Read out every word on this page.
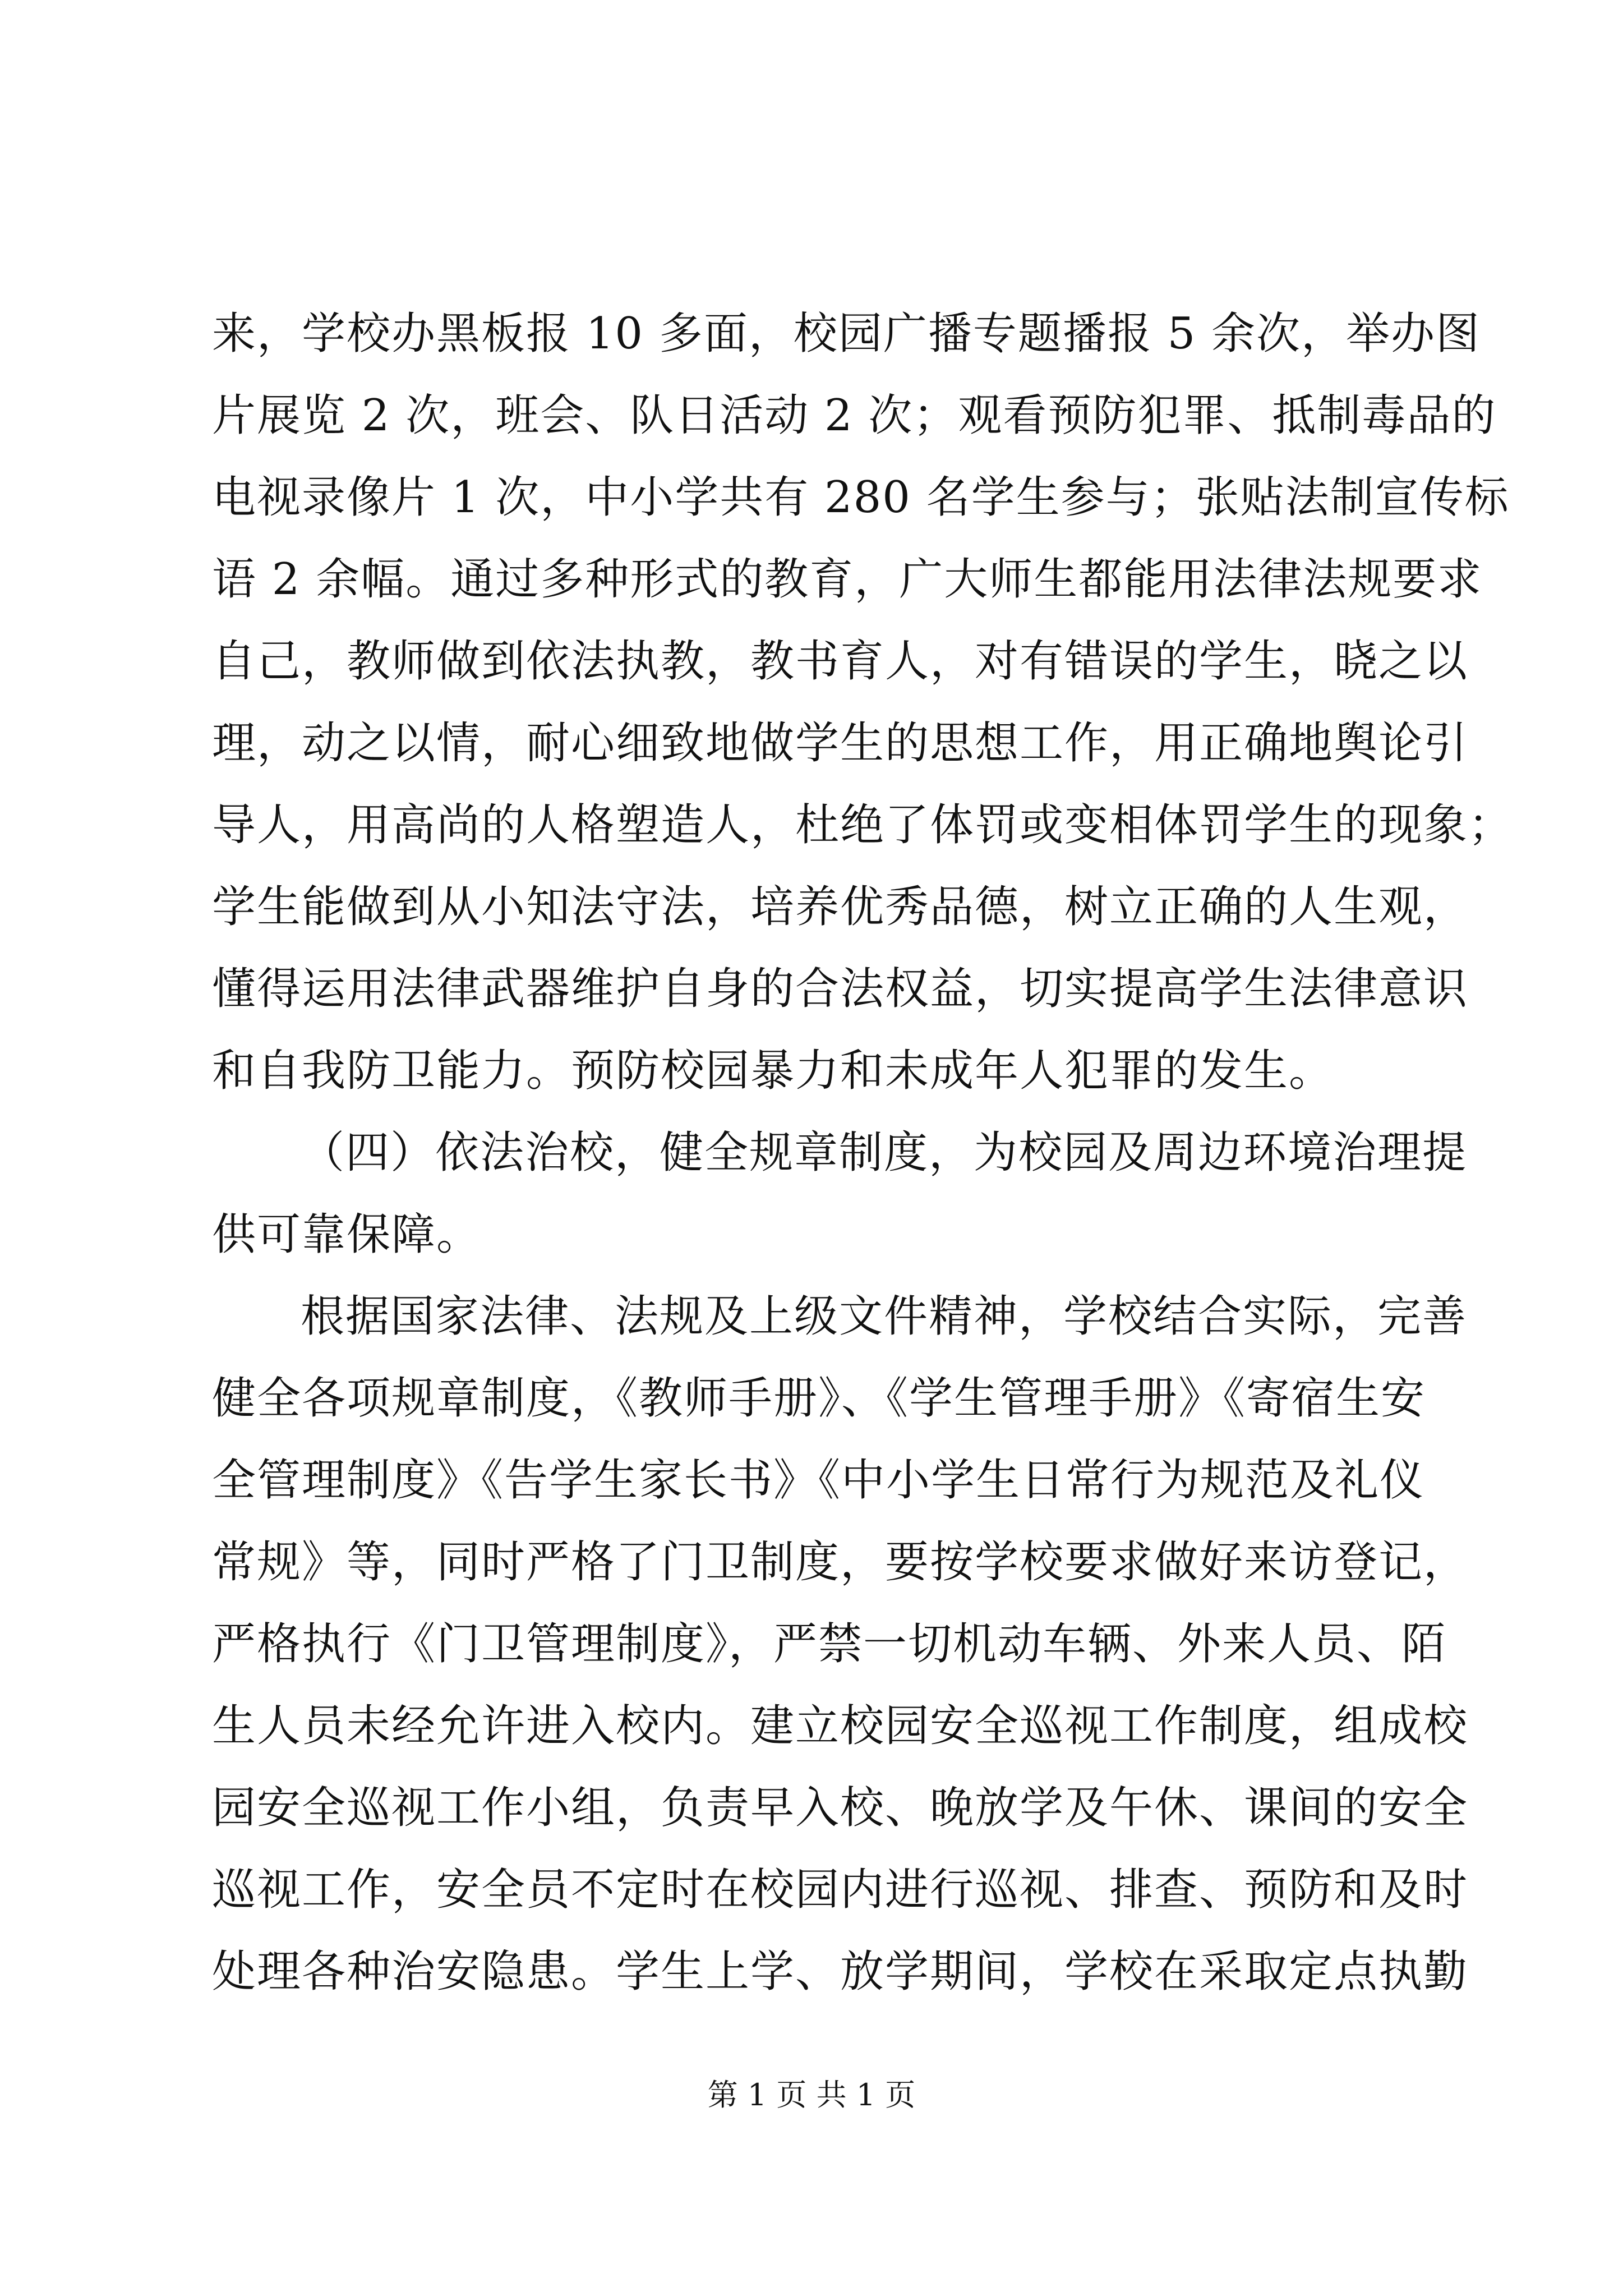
来，学校办黑板报 10 多面，校园广播专题播报 5 余次，举办图
片展览 2 次，班会、队日活动 2 次；观看预防犯罪、抵制毒品的
电视录像片 1 次，中小学共有 280 名学生参与；张贴法制宣传标
语 2 余幅。通过多种形式的教育，广大师生都能用法律法规要求
自己，教师做到依法执教，教书育人，对有错误的学生，晓之以
理，动之以情，耐心细致地做学生的思想工作，用正确地舆论引
导人，用高尚的人格塑造人，杜绝了体罚或变相体罚学生的现象；
学生能做到从小知法守法，培养优秀品德，树立正确的人生观，
懂得运用法律武器维护自身的合法权益，切实提高学生法律意识
和自我防卫能力。预防校园暴力和未成年人犯罪的发生。
（四）依法治校，健全规章制度，为校园及周边环境治理提
供可靠保障。
根据国家法律、法规及上级文件精神，学校结合实际，完善
健全各项规章制度，《教师手册》、《学生管理手册》《寄宿生安
全管理制度》《告学生家长书》《中小学生日常行为规范及礼仪
常规》等，同时严格了门卫制度，要按学校要求做好来访登记，
严格执行《门卫管理制度》，严禁一切机动车辆、外来人员、陌
生人员未经允许进入校内。建立校园安全巡视工作制度，组成校
园安全巡视工作小组，负责早入校、晚放学及午休、课间的安全
巡视工作，安全员不定时在校园内进行巡视、排查、预防和及时
处理各种治安隐患。学生上学、放学期间，学校在采取定点执勤
第 1 页 共 1 页
